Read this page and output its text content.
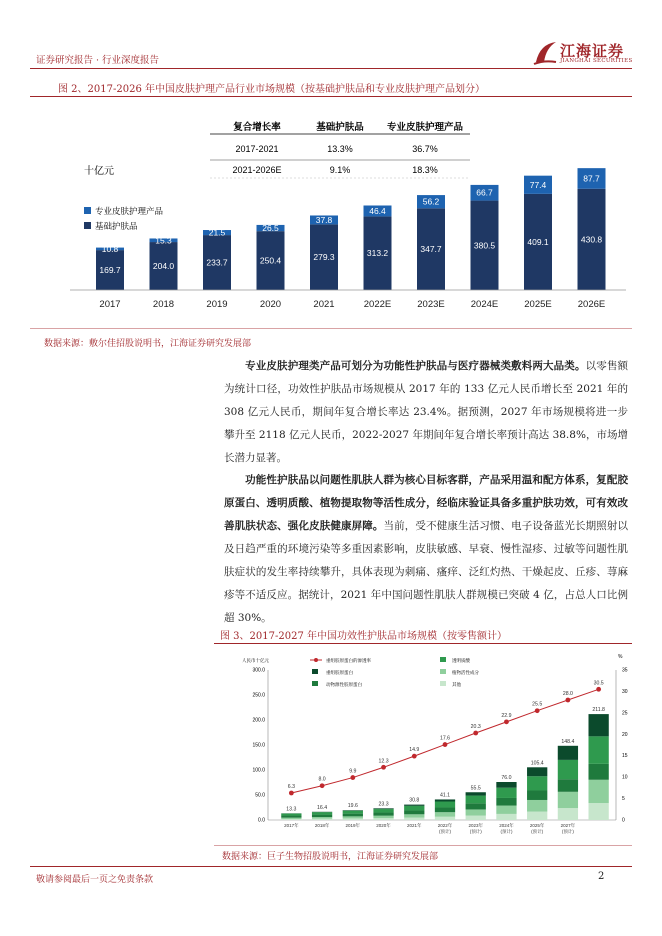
证券研究报告 · 行业深度报告
江海证券
JIANGHAI SECURITIES
图 2、2017-2026 年中国皮肤护理产品行业市场规模（按基础护肤品和专业皮肤护理产品划分）
复合增长率	基础护肤品 专业皮肤护理产品
2017-2021	13.3%	36.7%
2021-2026E	9.1%	18.3%
十亿元
专业皮肤护理产品
基础护肤品
169.7
10.8
2017
204.0
15.3
2018
233.7
21.5
2019
250.4
26.5
2020
279.3
37.8
2021
313.2
46.4
2022E
347.7
56.2
2023E
380.5
66.7
2024E
409.1
77.4
2025E
430.8
87.7
2026E
数据来源：敷尔佳招股说明书，江海证券研究发展部
专业皮肤护理类产品可划分为功能性护肤品与医疗器械类敷料两大品类。以零售额为统计口径，功效性护肤品市场规模从 2017 年的 133 亿元人民币增长至 2021 年的 308 亿元人民币，期间年复合增长率达 23.4%。据预测，2027 年市场规模将进一步攀升至 2118 亿元人民币，2022-2027 年期间年复合增长率预计高达 38.8%，市场增长潜力显著。
功能性护肤品以问题性肌肤人群为核心目标客群，产品采用温和配方体系，复配胶原蛋白、透明质酸、植物提取物等活性成分，经临床验证具备多重护肤功效，可有效改善肌肤状态、强化皮肤健康屏障。当前，受不健康生活习惯、电子设备蓝光长期照射以及日趋严重的环境污染等多重因素影响，皮肤敏感、早衰、慢性湿疹、过敏等问题性肌肤症状的发生率持续攀升，具体表现为刺痛、瘙痒、泛红灼热、干燥起皮、丘疹、荨麻疹等不适反应。据统计，2021 年中国问题性肌肤人群规模已突破 4 亿，占总人口比例超 30%。
图 3、2017-2027 年中国功效性护肤品市场规模（按零售额计）
人民币十亿元
%
重组胶原蛋白的渗透率
重组胶原蛋白
动物源性胶原蛋白
透明质酸
植物活性成分
其他
0.0
50.0
100.0
150.0
200.0
250.0
300.0
0
5
10
15
20
25
30
35
13.3
2017年
16.4
2018年
19.6
2019年
23.3
2020年
30.8
2021年
41.1
2022年
(预计)
55.5
2023年
(预计)
76.0
2024年
(预计)
105.4
2025年
(预计)
148.4
2027年
(预计)
211.8
6.3
8.0
9.9
12.3
14.9
17.6
20.3
22.9
25.5
28.0
30.5
数据来源：巨子生物招股说明书，江海证券研究发展部
敬请参阅最后一页之免责条款	2
